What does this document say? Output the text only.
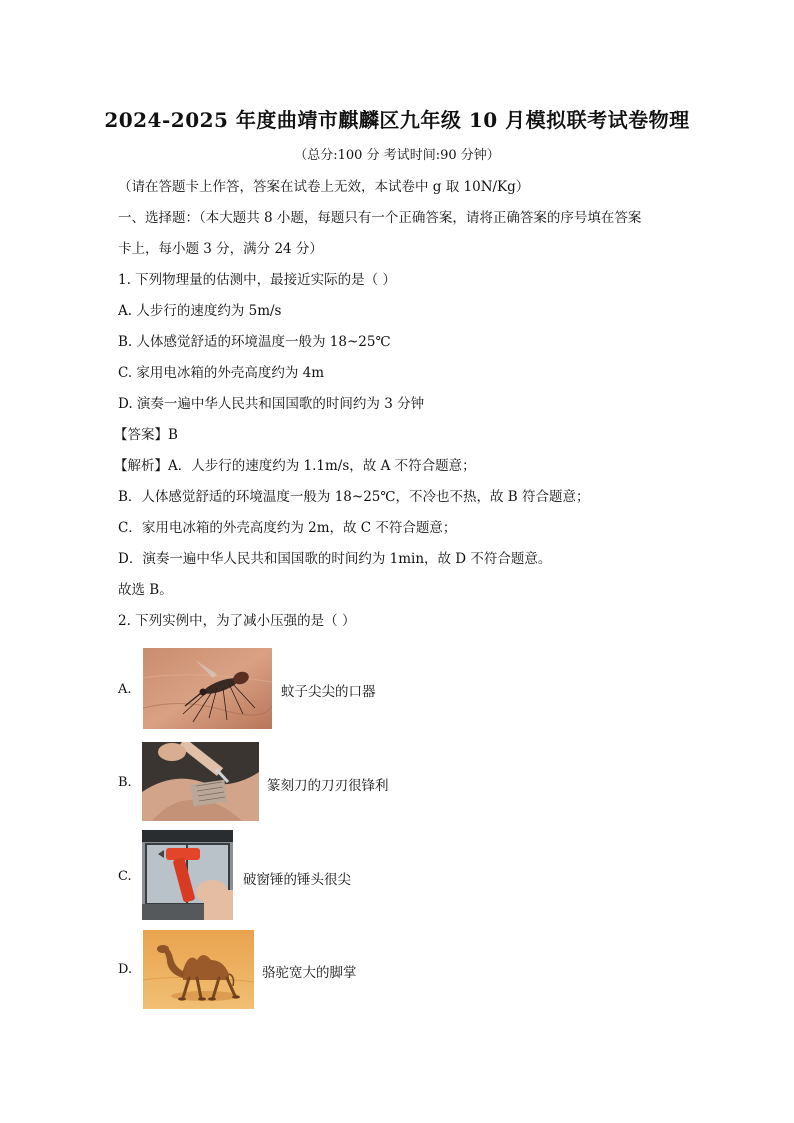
2024-2025 年度曲靖市麒麟区九年级 10 月模拟联考试卷物理
（总分:100 分 考试时间:90 分钟）
（请在答题卡上作答，答案在试卷上无效，本试卷中 g 取 10N/Kg）
一、选择题：（本大题共 8 小题，每题只有一个正确答案，请将正确答案的序号填在答案
卡上，每小题 3 分，满分 24 分）
1. 下列物理量的估测中，最接近实际的是（ ）
A. 人步行的速度约为 5m/s
B. 人体感觉舒适的环境温度一般为 18~25℃
C. 家用电冰箱的外壳高度约为 4m
D. 演奏一遍中华人民共和国国歌的时间约为 3 分钟
【答案】B
【解析】A．人步行的速度约为 1.1m/s，故 A 不符合题意；
B．人体感觉舒适的环境温度一般为 18~25℃，不冷也不热，故 B 符合题意；
C．家用电冰箱的外壳高度约为 2m，故 C 不符合题意；
D．演奏一遍中华人民共和国国歌的时间约为 1min，故 D 不符合题意。
故选 B。
2. 下列实例中，为了减小压强的是（ ）
A.	蚊子尖尖的口器
B.	篆刻刀的刀刃很锋利
C.	破窗锤的锤头很尖
D.	骆驼宽大的脚掌
